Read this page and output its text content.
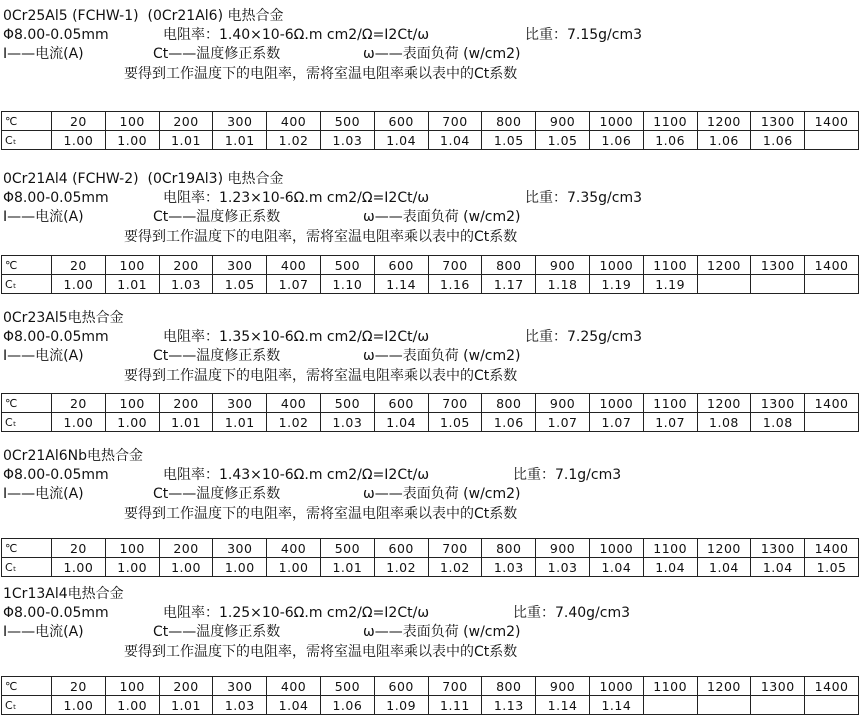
0Cr25Al5 (FCHW-1)  (0Cr21Al6) 电热合金
Φ8.00-0.05mm	电阻率：1.40×10-6Ω.m cm2/Ω=I2Ct/ω	比重：7.15g/cm3
I——电流(A)	Ct——温度修正系数	ω——表面负荷 (w/cm2)
要得到工作温度下的电阻率，需将室温电阻率乘以表中的Ct系数
℃	20	100	200	300	400	500	600	700	800	900	1000	1100	1200	1300	1400
Cₜ	1.00	1.00	1.01	1.01	1.02	1.03	1.04	1.04	1.05	1.05	1.06	1.06	1.06	1.06	
0Cr21Al4 (FCHW-2)  (0Cr19Al3) 电热合金
Φ8.00-0.05mm	电阻率：1.23×10-6Ω.m cm2/Ω=I2Ct/ω	比重：7.35g/cm3
I——电流(A)	Ct——温度修正系数	ω——表面负荷 (w/cm2)
要得到工作温度下的电阻率，需将室温电阻率乘以表中的Ct系数
℃	20	100	200	300	400	500	600	700	800	900	1000	1100	1200	1300	1400
Cₜ	1.00	1.01	1.03	1.05	1.07	1.10	1.14	1.16	1.17	1.18	1.19	1.19			
0Cr23Al5电热合金
Φ8.00-0.05mm	电阻率：1.35×10-6Ω.m cm2/Ω=I2Ct/ω	比重：7.25g/cm3
I——电流(A)	Ct——温度修正系数	ω——表面负荷 (w/cm2)
要得到工作温度下的电阻率，需将室温电阻率乘以表中的Ct系数
℃	20	100	200	300	400	500	600	700	800	900	1000	1100	1200	1300	1400
Cₜ	1.00	1.00	1.01	1.01	1.02	1.03	1.04	1.05	1.06	1.07	1.07	1.07	1.08	1.08	
0Cr21Al6Nb电热合金
Φ8.00-0.05mm	电阻率：1.43×10-6Ω.m cm2/Ω=I2Ct/ω	比重：7.1g/cm3
I——电流(A)	Ct——温度修正系数	ω——表面负荷 (w/cm2)
要得到工作温度下的电阻率，需将室温电阻率乘以表中的Ct系数
℃	20	100	200	300	400	500	600	700	800	900	1000	1100	1200	1300	1400
Cₜ	1.00	1.00	1.00	1.00	1.00	1.01	1.02	1.02	1.03	1.03	1.04	1.04	1.04	1.04	1.05
1Cr13Al4电热合金
Φ8.00-0.05mm	电阻率：1.25×10-6Ω.m cm2/Ω=I2Ct/ω	比重：7.40g/cm3
I——电流(A)	Ct——温度修正系数	ω——表面负荷 (w/cm2)
要得到工作温度下的电阻率，需将室温电阻率乘以表中的Ct系数
℃	20	100	200	300	400	500	600	700	800	900	1000	1100	1200	1300	1400
Cₜ	1.00	1.00	1.01	1.03	1.04	1.06	1.09	1.11	1.13	1.14	1.14				
